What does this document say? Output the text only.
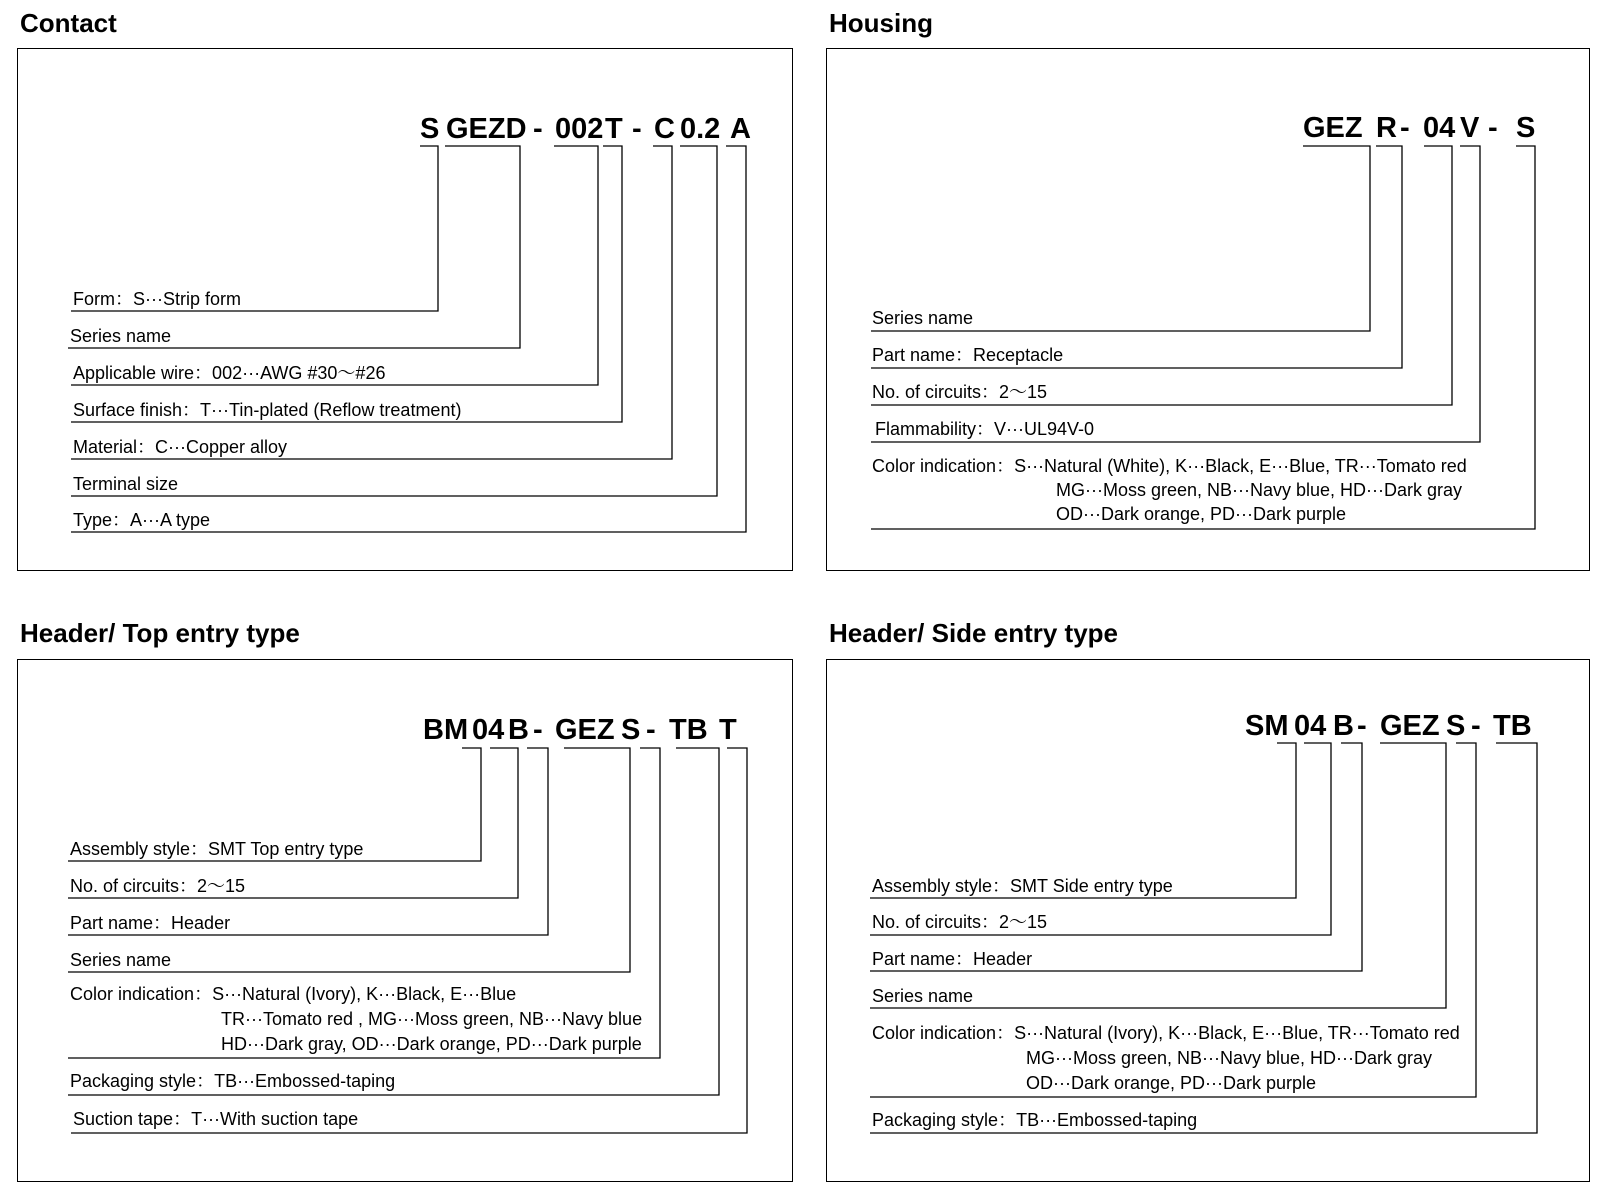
Contact
S GEZD - 002 T - C 0.2 A
Form：S···Strip form
Series name
Applicable wire：002···AWG #30～#26
Surface finish：T···Tin-plated (Reflow treatment)
Material：C···Copper alloy
Terminal size
Type：A···A type
Housing
GEZ R - 04 V - S
Series name
Part name：Receptacle
No. of circuits：2～15
Flammability：V···UL94V-0
Color indication：S···Natural (White), K···Black, E···Blue, TR···Tomato red
MG···Moss green, NB···Navy blue, HD···Dark gray
OD···Dark orange, PD···Dark purple
Header/ Top entry type
BM 04 B - GEZ S - TB T
Assembly style：SMT Top entry type
No. of circuits：2～15
Part name：Header
Series name
Color indication：S···Natural (Ivory), K···Black, E···Blue
TR···Tomato red , MG···Moss green, NB···Navy blue
HD···Dark gray, OD···Dark orange, PD···Dark purple
Packaging style：TB···Embossed-taping
Suction tape：T···With suction tape
Header/ Side entry type
SM 04 B - GEZ S - TB
Assembly style：SMT Side entry type
No. of circuits：2～15
Part name：Header
Series name
Color indication：S···Natural (Ivory), K···Black, E···Blue, TR···Tomato red
MG···Moss green, NB···Navy blue, HD···Dark gray
OD···Dark orange, PD···Dark purple
Packaging style：TB···Embossed-taping
